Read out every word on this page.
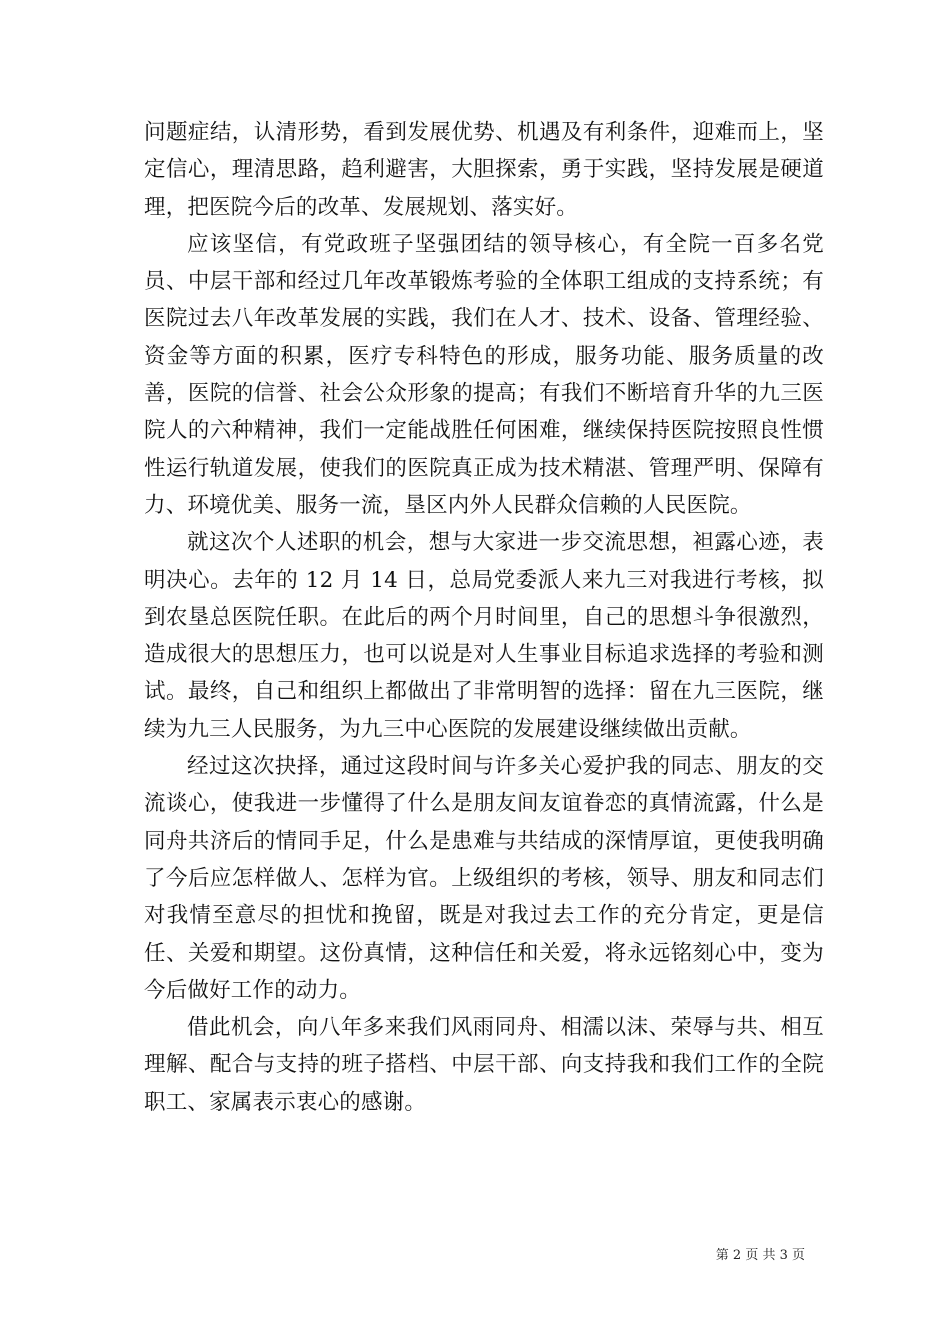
问题症结，认清形势，看到发展优势、机遇及有利条件，迎难而上，坚定信心，理清思路，趋利避害，大胆探索，勇于实践，坚持发展是硬道理，把医院今后的改革、发展规划、落实好。

应该坚信，有党政班子坚强团结的领导核心，有全院一百多名党员、中层干部和经过几年改革锻炼考验的全体职工组成的支持系统；有医院过去八年改革发展的实践，我们在人才、技术、设备、管理经验、资金等方面的积累，医疗专科特色的形成，服务功能、服务质量的改善，医院的信誉、社会公众形象的提高；有我们不断培育升华的九三医院人的六种精神，我们一定能战胜任何困难，继续保持医院按照良性惯性运行轨道发展，使我们的医院真正成为技术精湛、管理严明、保障有力、环境优美、服务一流，垦区内外人民群众信赖的人民医院。

就这次个人述职的机会，想与大家进一步交流思想，袒露心迹，表明决心。去年的 12 月 14 日，总局党委派人来九三对我进行考核，拟到农垦总医院任职。在此后的两个月时间里，自己的思想斗争很激烈，造成很大的思想压力，也可以说是对人生事业目标追求选择的考验和测试。最终，自己和组织上都做出了非常明智的选择：留在九三医院，继续为九三人民服务，为九三中心医院的发展建设继续做出贡献。

经过这次抉择，通过这段时间与许多关心爱护我的同志、朋友的交流谈心，使我进一步懂得了什么是朋友间友谊眷恋的真情流露，什么是同舟共济后的情同手足，什么是患难与共结成的深情厚谊，更使我明确了今后应怎样做人、怎样为官。上级组织的考核，领导、朋友和同志们对我情至意尽的担忧和挽留，既是对我过去工作的充分肯定，更是信任、关爱和期望。这份真情，这种信任和关爱，将永远铭刻心中，变为今后做好工作的动力。

借此机会，向八年多来我们风雨同舟、相濡以沫、荣辱与共、相互理解、配合与支持的班子搭档、中层干部、向支持我和我们工作的全院职工、家属表示衷心的感谢。

第 2 页 共 3 页
